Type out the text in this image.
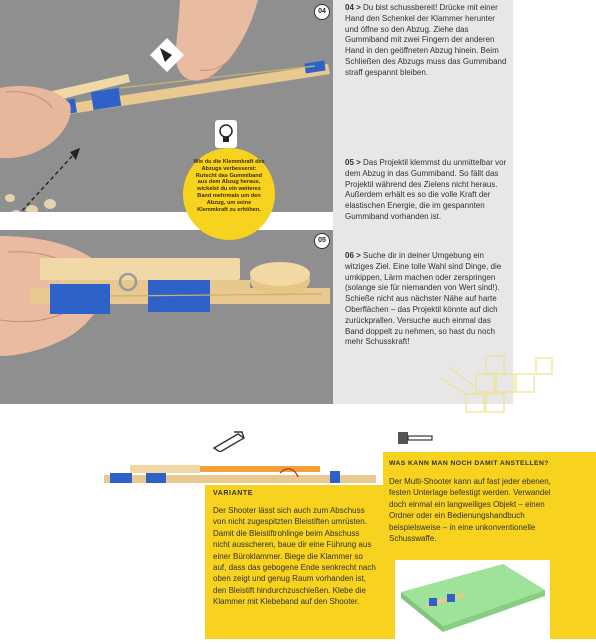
04
05
Wie du die Klemmkraft des Abzugs verbesserst: Rutscht das Gummiband aus dem Abzug heraus, wickelst du ein weiteres Band mehrmals um den Abzug, um seine Klemmkraft zu erhöhen.

04 > Du bist schussbereit! Drücke mit einer Hand den Schenkel der Klammer herunter und öffne so den Abzug. Ziehe das Gummiband mit zwei Fingern der anderen Hand in den geöffneten Abzug hinein. Beim Schließen des Abzugs muss das Gummiband straff gespannt bleiben.

05 > Das Projektil klemmst du unmittelbar vor dem Abzug in das Gummiband. So fällt das Projektil während des Zielens nicht heraus. Außerdem erhält es so die volle Kraft der elastischen Energie, die im gespannten Gummiband vorhanden ist.

06 > Suche dir in deiner Umgebung ein witziges Ziel. Eine tolle Wahl sind Dinge, die umkippen, Lärm machen oder zerspringen (solange sie für niemanden von Wert sind!). Schieße nicht aus nächster Nähe auf harte Oberflächen – das Projektil könnte auf dich zurückprallen. Versuche auch einmal das Band doppelt zu nehmen, so hast du noch mehr Schusskraft!

VARIANTE

Der Shooter lässt sich auch zum Abschuss von nicht zugespitzten Bleistiften umrüsten. Damit die Bleistiftrohlinge beim Abschuss nicht ausscheren, baue dir eine Führung aus einer Büroklammer. Biege die Klammer so auf, dass das gebogene Ende senkrecht nach oben zeigt und genug Raum vorhanden ist, den Bleistift hindurchzuschießen. Klebe die Klammer mit Klebeband auf den Shooter.

WAS KANN MAN NOCH DAMIT ANSTELLEN?

Der Multi-Shooter kann auf fast jeder ebenen, festen Unterlage befestigt werden. Verwandel doch einmal ein langweiliges Objekt – einen Ordner oder ein Bedienungshandbuch beispielsweise – in eine unkonventionelle Schusswaffe.
